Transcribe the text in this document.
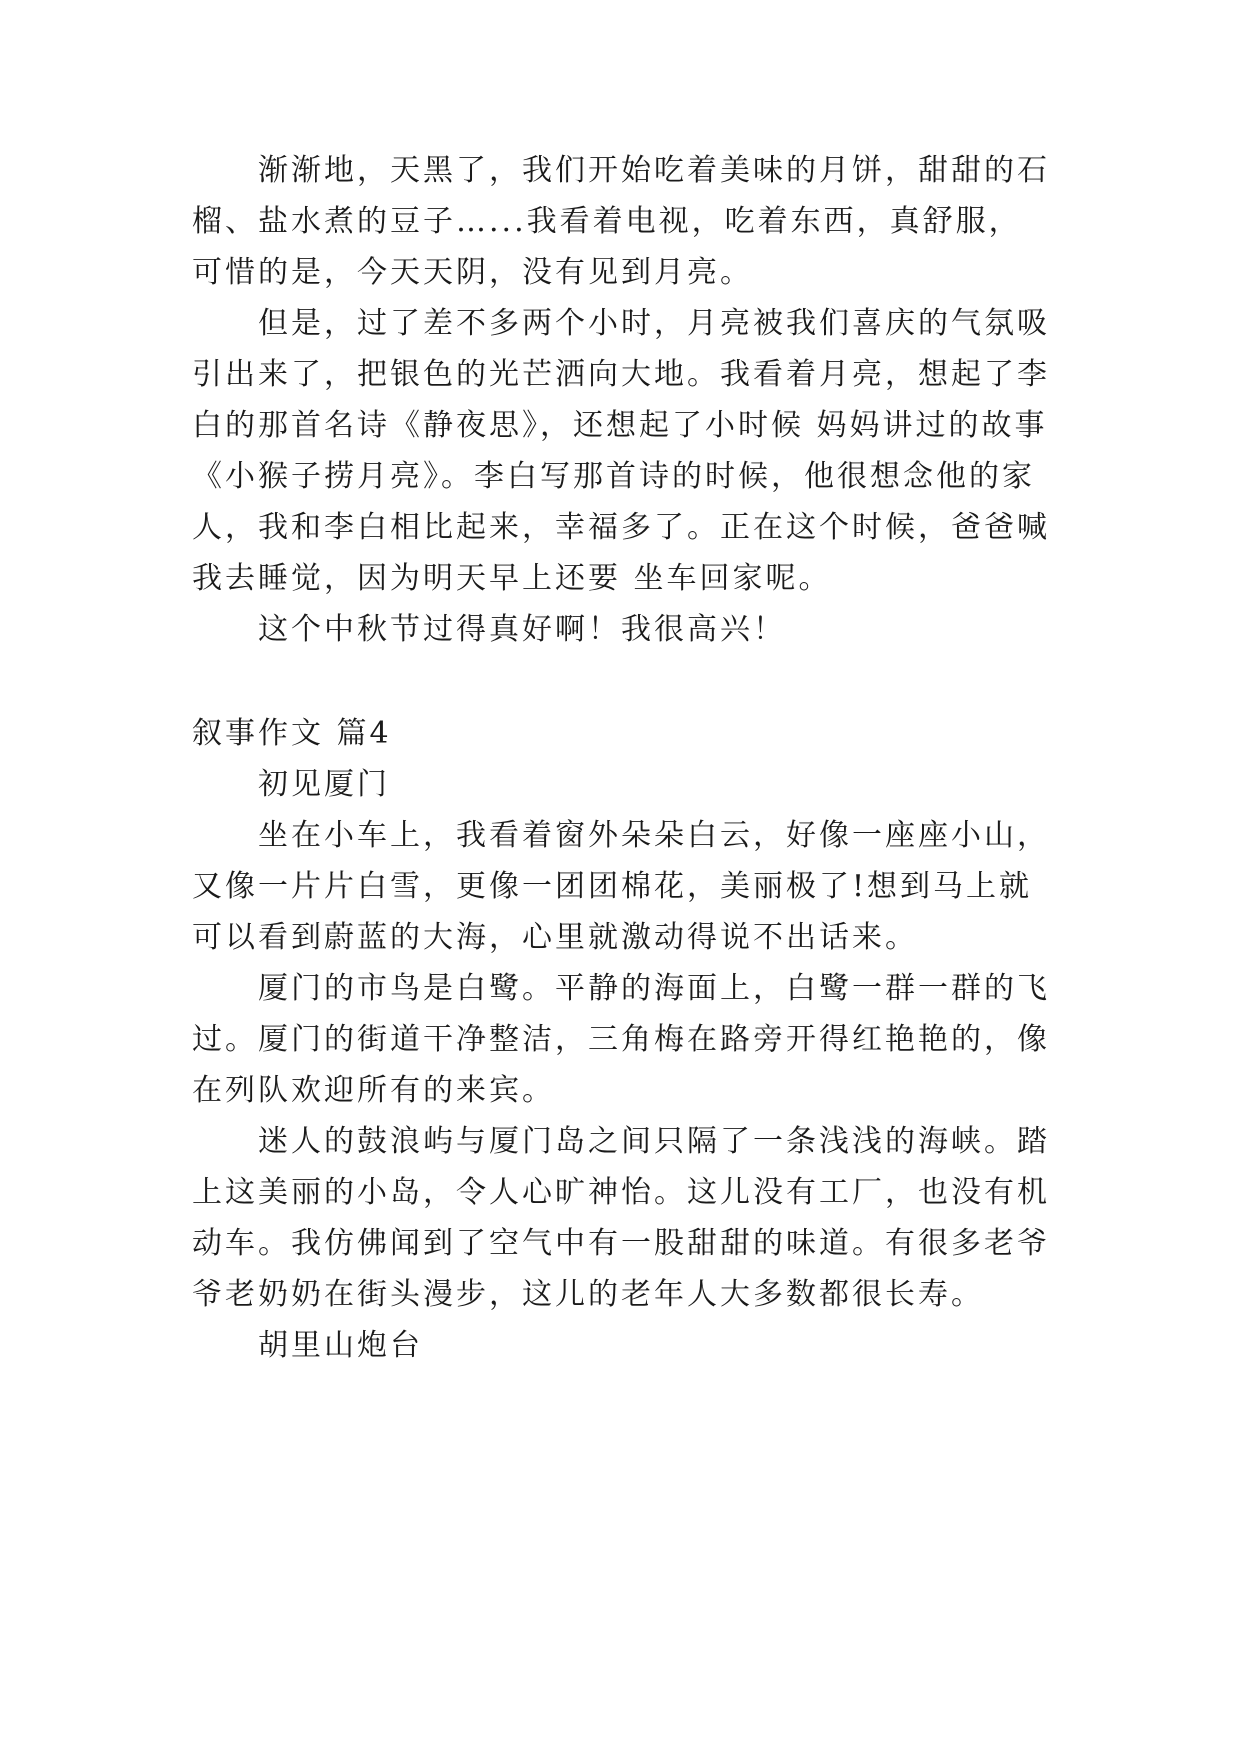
渐渐地，天黑了，我们开始吃着美味的月饼，甜甜的石
榴、盐水煮的豆子…...我看着电视，吃着东西，真舒服，
可惜的是，今天天阴，没有见到月亮。
但是，过了差不多两个小时，月亮被我们喜庆的气氛吸
引出来了，把银色的光芒洒向大地。我看着月亮，想起了李
白的那首名诗《静夜思》，还想起了小时候 妈妈讲过的故事
《小猴子捞月亮》。李白写那首诗的时候，他很想念他的家
人，我和李白相比起来，幸福多了。正在这个时候，爸爸喊
我去睡觉，因为明天早上还要 坐车回家呢。
这个中秋节过得真好啊！我很高兴！
叙事作文 篇4
初见厦门
坐在小车上，我看着窗外朵朵白云，好像一座座小山，
又像一片片白雪，更像一团团棉花，美丽极了!想到马上就
可以看到蔚蓝的大海，心里就激动得说不出话来。
厦门的市鸟是白鹭。平静的海面上，白鹭一群一群的飞
过。厦门的街道干净整洁，三角梅在路旁开得红艳艳的，像
在列队欢迎所有的来宾。
迷人的鼓浪屿与厦门岛之间只隔了一条浅浅的海峡。踏
上这美丽的小岛，令人心旷神怡。这儿没有工厂，也没有机
动车。我仿佛闻到了空气中有一股甜甜的味道。有很多老爷
爷老奶奶在街头漫步，这儿的老年人大多数都很长寿。
胡里山炮台
